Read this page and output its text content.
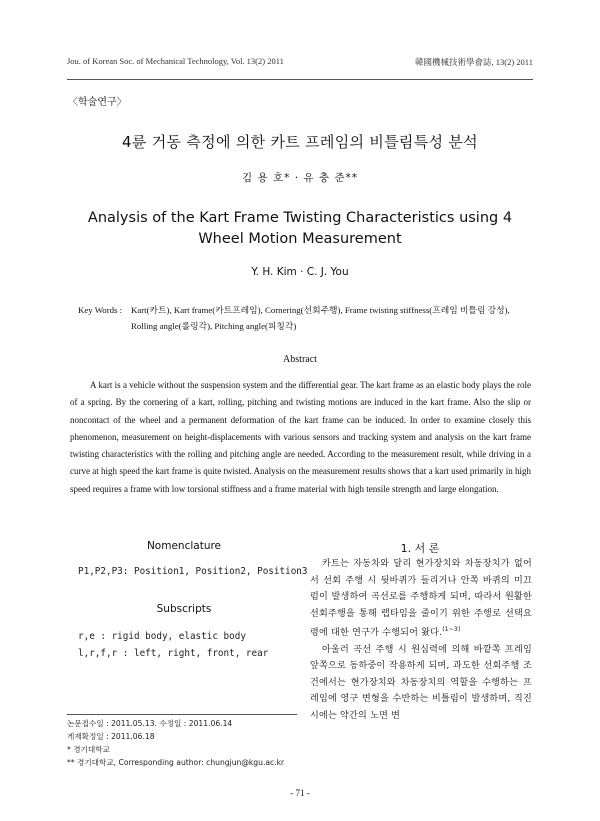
Jou. of Korean Soc. of Mechanical Technology, Vol. 13(2) 2011	韓國機械技術學會誌, 13(2) 2011
〈학술연구〉
4륜 거동 측정에 의한 카트 프레임의 비틀림특성 분석
김 용 호* · 유 충 준**
Analysis of the Kart Frame Twisting Characteristics using 4
Wheel Motion Measurement
Y. H. Kim · C. J. You
Key Words : Kart(카트), Kart frame(카트프레임), Cornering(선회주행), Frame twisting stiffness(프레임 비틀림 강성),
Rolling angle(롤링각), Pitching angle(피칭각)
Abstract
A kart is a vehicle without the suspension system and the differential gear. The kart frame as an elastic body plays the role of a spring. By the cornering of a kart, rolling, pitching and twisting motions are induced in the kart frame. Also the slip or noncontact of the wheel and a permanent deformation of the kart frame can be induced. In order to examine closely this phenomenon, measurement on height-displacements with various sensors and tracking system and analysis on the kart frame twisting characteristics with the rolling and pitching angle are needed. According to the measurement result, while driving in a curve at high speed the kart frame is quite twisted. Analysis on the measurement results shows that a kart used primarily in high speed requires a frame with low torsional stiffness and a frame material with high tensile strength and large elongation.
Nomenclature
P1,P2,P3: Position1, Position2, Position3
Subscripts
r,e : rigid body, elastic body
l,r,f,r : left, right, front, rear
1. 서 론

카트는 자동차와 달리 현가장치와 차동장치가 없어서 선회 주행 시 뒷바퀴가 들리거나 안쪽 바퀴의 미끄럼이 발생하여 곡선로를 주행하게 되며, 따라서 원활한 선회주행을 통해 랩타임을 줄이기 위한 주행로 선택요령에 대한 연구가 수행되어 왔다.$^{(1\sim 3)}$

아울러 곡선 주행 시 원심력에 의해 바깥쪽 프레임 앞쪽으로 동하중이 작용하게 되며, 과도한 선회주행 조건에서는 현가장치와 차동장치의 역할을 수행하는 프레임에 영구 변형을 수반하는 비틀림이 발생하며, 직진 시에는 약간의 노면 변

논문접수일 : 2011.05.13. 수정일 : 2011.06.14
게재확정일 : 2011.06.18
* 경기대학교
** 경기대학교, Corresponding author: chungjun@kgu.ac.kr
- 71 -
